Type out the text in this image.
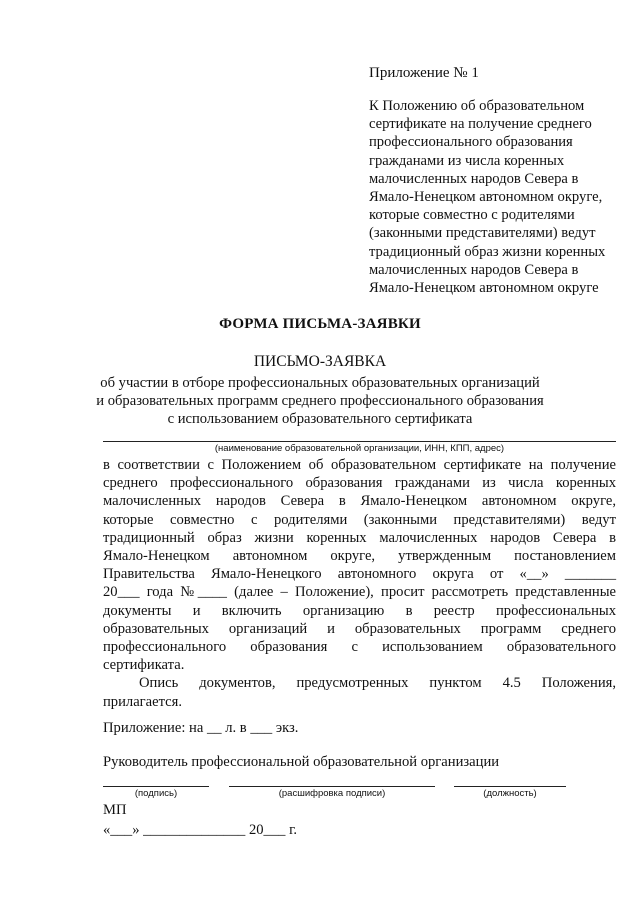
Приложение № 1
К Положению об образовательном
сертификате на получение среднего
профессионального образования
гражданами из числа коренных
малочисленных народов Севера в
Ямало-Ненецком автономном округе,
которые совместно с родителями
(законными представителями) ведут
традиционный образ жизни коренных
малочисленных народов Севера в
Ямало-Ненецком автономном округе
ФОРМА ПИСЬМА-ЗАЯВКИ
ПИСЬМО-ЗАЯВКА
об участии в отборе профессиональных образовательных организаций
и образовательных программ среднего профессионального образования
с использованием образовательного сертификата
(наименование образовательной организации, ИНН, КПП, адрес)
в соответствии с Положением об образовательном сертификате на получение
среднего профессионального образования гражданами из числа коренных
малочисленных народов Севера в Ямало-Ненецком автономном округе,
которые совместно с родителями (законными представителями) ведут
традиционный образ жизни коренных малочисленных народов Севера в
Ямало-Ненецком автономном округе, утвержденным постановлением
Правительства Ямало-Ненецкого автономного округа от «__» _______
20___ года №____ (далее – Положение), просит рассмотреть представленные
документы и включить организацию в реестр профессиональных
образовательных организаций и образовательных программ среднего
профессионального образования с использованием образовательного
сертификата.
Опись документов, предусмотренных пунктом 4.5 Положения,
прилагается.
Приложение: на __ л. в ___ экз.
Руководитель профессиональной образовательной организации
(подпись)	(расшифровка подписи)	(должность)
МП
«___» ______________ 20___ г.
